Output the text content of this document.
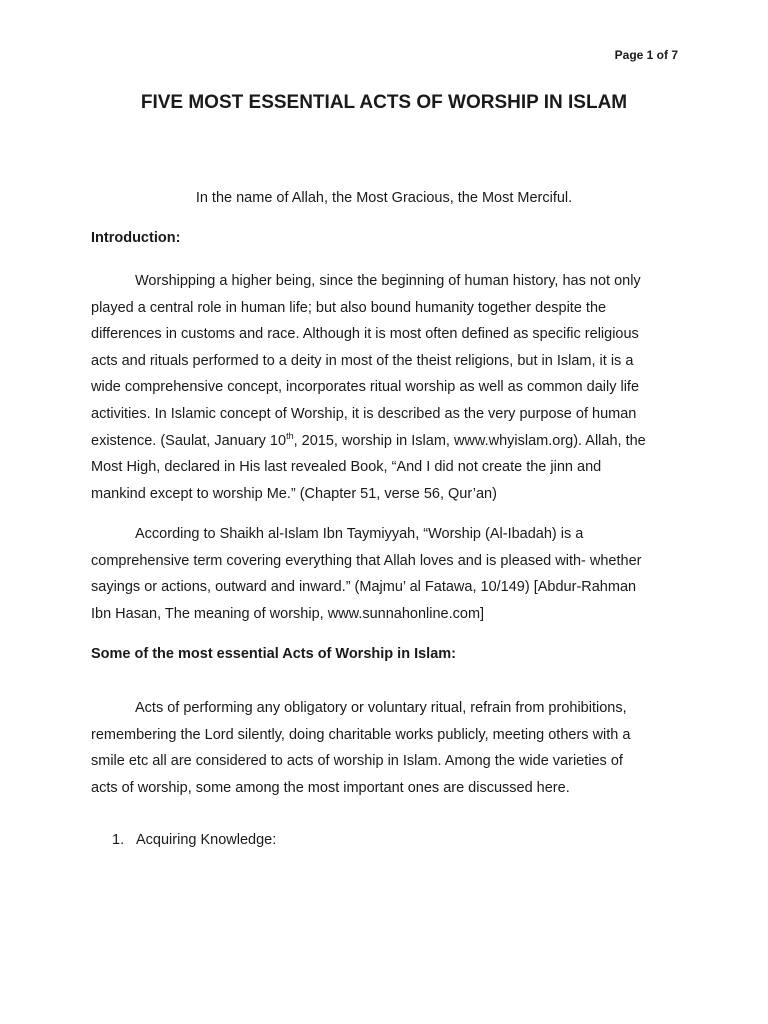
Page 1 of 7
FIVE MOST ESSENTIAL ACTS OF WORSHIP IN ISLAM
In the name of Allah, the Most Gracious, the Most Merciful.
Introduction:

Worshipping a higher being, since the beginning of human history, has not only
played a central role in human life; but also bound humanity together despite the
differences in customs and race. Although it is most often defined as specific religious
acts and rituals performed to a deity in most of the theist religions, but in Islam, it is a
wide comprehensive concept, incorporates ritual worship as well as common daily life
activities. In Islamic concept of Worship, it is described as the very purpose of human
existence. (Saulat, January 10th, 2015, worship in Islam, www.whyislam.org). Allah, the
Most High, declared in His last revealed Book, “And I did not create the jinn and
mankind except to worship Me.” (Chapter 51, verse 56, Qur’an)

According to Shaikh al-Islam Ibn Taymiyyah, “Worship (Al-Ibadah) is a
comprehensive term covering everything that Allah loves and is pleased with- whether
sayings or actions, outward and inward.” (Majmu’ al Fatawa, 10/149) [Abdur-Rahman
Ibn Hasan, The meaning of worship, www.sunnahonline.com]

Some of the most essential Acts of Worship in Islam:

Acts of performing any obligatory or voluntary ritual, refrain from prohibitions,
remembering the Lord silently, doing charitable works publicly, meeting others with a
smile etc all are considered to acts of worship in Islam. Among the wide varieties of
acts of worship, some among the most important ones are discussed here.

1. Acquiring Knowledge:
